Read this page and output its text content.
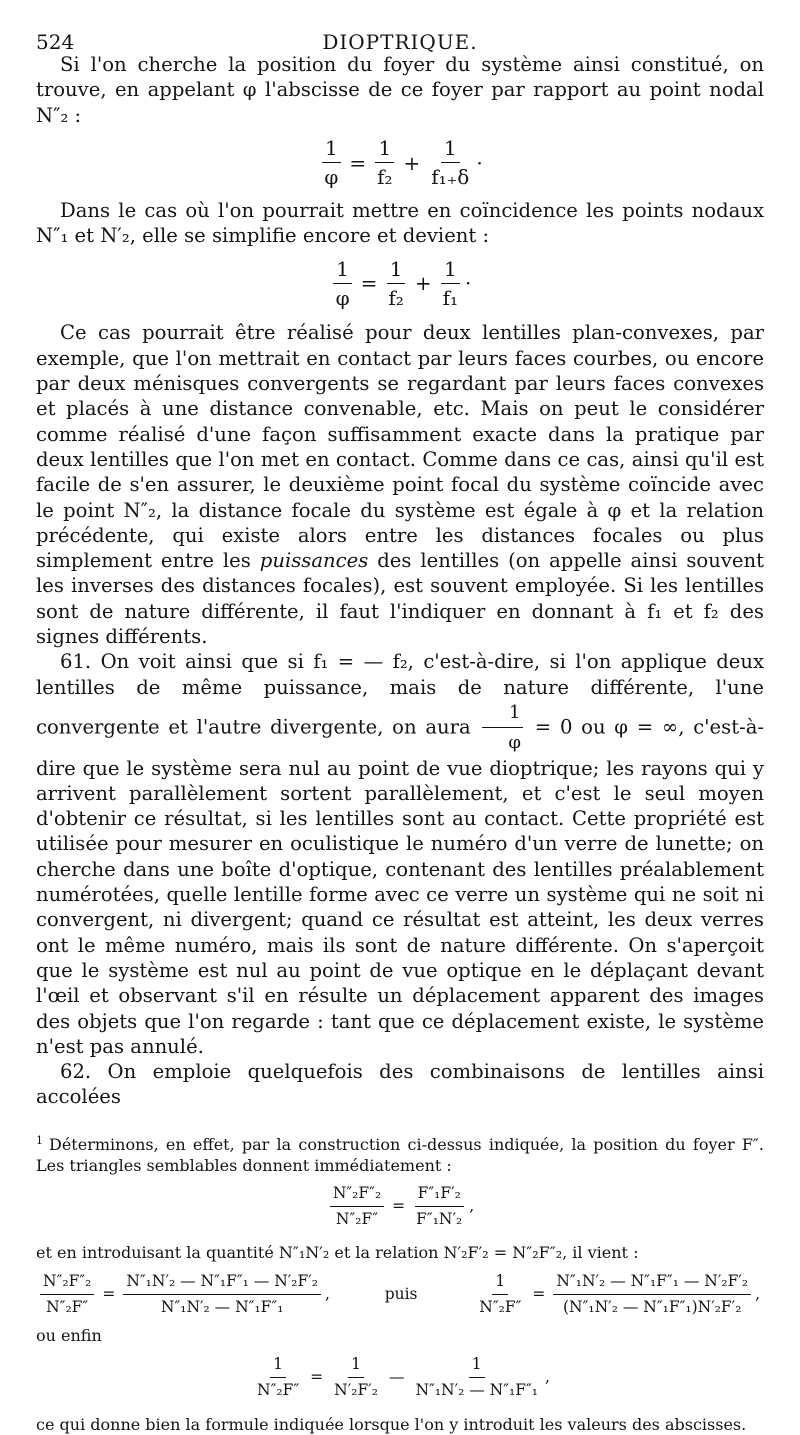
524	DIOPTRIQUE.

Si l'on cherche la position du foyer du système ainsi constitué, on trouve, en appelant φ l'abscisse de ce foyer par rapport au point nodal N″₂ :

$\frac{1}{\varphi} = \frac{1}{\text{f₂}} + \frac{1}{\text{f₁₊δ}}$ ·

Dans le cas où l'on pourrait mettre en coïncidence les points nodaux N″₁ et N′₂, elle se simplifie encore et devient :

$\frac{1}{\varphi} = \frac{1}{\text{f₂}} + \frac{1}{\text{f₁}}$ ·

Ce cas pourrait être réalisé pour deux lentilles plan-convexes, par exemple, que l'on mettrait en contact par leurs faces courbes, ou encore par deux ménisques convergents se regardant par leurs faces convexes et placés à une distance convenable, etc. Mais on peut le considérer comme réalisé d'une façon suffisamment exacte dans la pratique par deux lentilles que l'on met en contact. Comme dans ce cas, ainsi qu'il est facile de s'en assurer, le deuxième point focal du système coïncide avec le point N″₂, la distance focale du système est égale à φ et la relation précédente, qui existe alors entre les distances focales ou plus simplement entre les puissances des lentilles (on appelle ainsi souvent les inverses des distances focales), est souvent employée. Si les lentilles sont de nature différente, il faut l'indiquer en donnant à f₁ et f₂ des signes différents.

61. On voit ainsi que si f₁ = — f₂, c'est-à-dire, si l'on applique deux lentilles de même puissance, mais de nature différente, l'une convergente et l'autre divergente, on aura $\frac{1}{\varphi} = 0$ ou φ = ∞, c'est-à-dire que le système sera nul au point de vue dioptrique; les rayons qui y arrivent parallèlement sortent parallèlement, et c'est le seul moyen d'obtenir ce résultat, si les lentilles sont au contact. Cette propriété est utilisée pour mesurer en oculistique le numéro d'un verre de lunette; on cherche dans une boîte d'optique, contenant des lentilles préalablement numérotées, quelle lentille forme avec ce verre un système qui ne soit ni convergent, ni divergent; quand ce résultat est atteint, les deux verres ont le même numéro, mais ils sont de nature différente. On s'aperçoit que le système est nul au point de vue optique en le déplaçant devant l'œil et observant s'il en résulte un déplacement apparent des images des objets que l'on regarde : tant que ce déplacement existe, le système n'est pas annulé.

62. On emploie quelquefois des combinaisons de lentilles ainsi accolées

$^1$ Déterminons, en effet, par la construction ci-dessus indiquée, la position du foyer F″. Les triangles semblables donnent immédiatement :

$\frac{\text{N″₂F″₂}}{\text{N″₂F″}} = \frac{\text{F″₁F′₂}}{\text{F″₁N′₂}}$ ,

et en introduisant la quantité N″₁N′₂ et la relation N′₂F′₂ = N″₂F″₂, il vient :

$\frac{\text{N″₂F″₂}}{\text{N″₂F″}} = \frac{\text{N″₁N′₂ — N″₁F″₁ — N′₂F′₂}}{\text{N″₁N′₂ — N″₁F″₁}}$ ,	puis	$\frac{1}{\text{N″₂F″}} = \frac{\text{N″₁N′₂ — N″₁F″₁ — N′₂F′₂}}{\text{(N″₁N′₂ — N″₁F″₁)N′₂F′₂}}$ ,

ou enfin

$\frac{1}{\text{N″₂F″}} = \frac{1}{\text{N′₂F′₂}}$ — $\frac{1}{\text{N″₁N′₂ — N″₁F″₁}}$ ,

ce qui donne bien la formule indiquée lorsque l'on y introduit les valeurs des abscisses.
